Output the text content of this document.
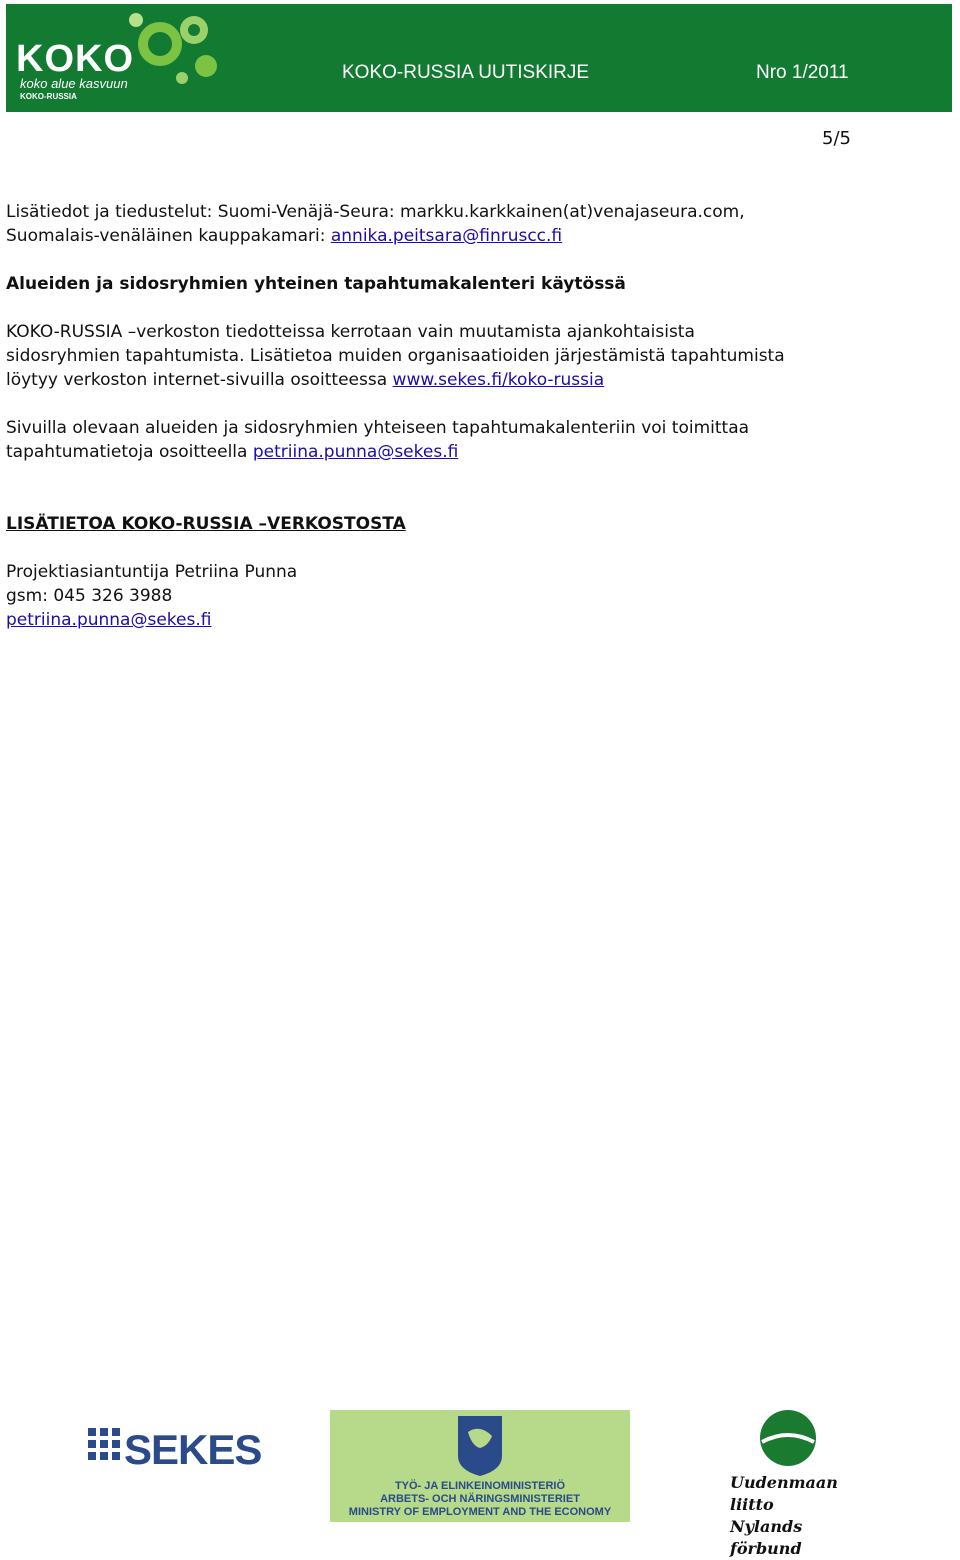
KOKO
koko alue kasvuun
KOKO-RUSSIA
KOKO-RUSSIA UUTISKIRJE	Nro 1/2011
5/5

Lisätiedot ja tiedustelut: Suomi-Venäjä-Seura: markku.karkkainen(at)venajaseura.com,

Suomalais-venäläinen kauppakamari: annika.peitsara@finruscc.fi

Alueiden ja sidosryhmien yhteinen tapahtumakalenteri käytössä

KOKO-RUSSIA –verkoston tiedotteissa kerrotaan vain muutamista ajankohtaisista

sidosryhmien tapahtumista. Lisätietoa muiden organisaatioiden järjestämistä tapahtumista

löytyy verkoston internet-sivuilla osoitteessa www.sekes.fi/koko-russia

Sivuilla olevaan alueiden ja sidosryhmien yhteiseen tapahtumakalenteriin voi toimittaa

tapahtumatietoja osoitteella petriina.punna@sekes.fi

LISÄTIETOA KOKO-RUSSIA –VERKOSTOSTA

Projektiasiantuntija Petriina Punna

gsm: 045 326 3988

petriina.punna@sekes.fi

SEKES
TYÖ- JA ELINKEINOMINISTERIÖ
ARBETS- OCH NÄRINGSMINISTERIET
MINISTRY OF EMPLOYMENT AND THE ECONOMY
Uudenmaan liitto
Nylands förbund
